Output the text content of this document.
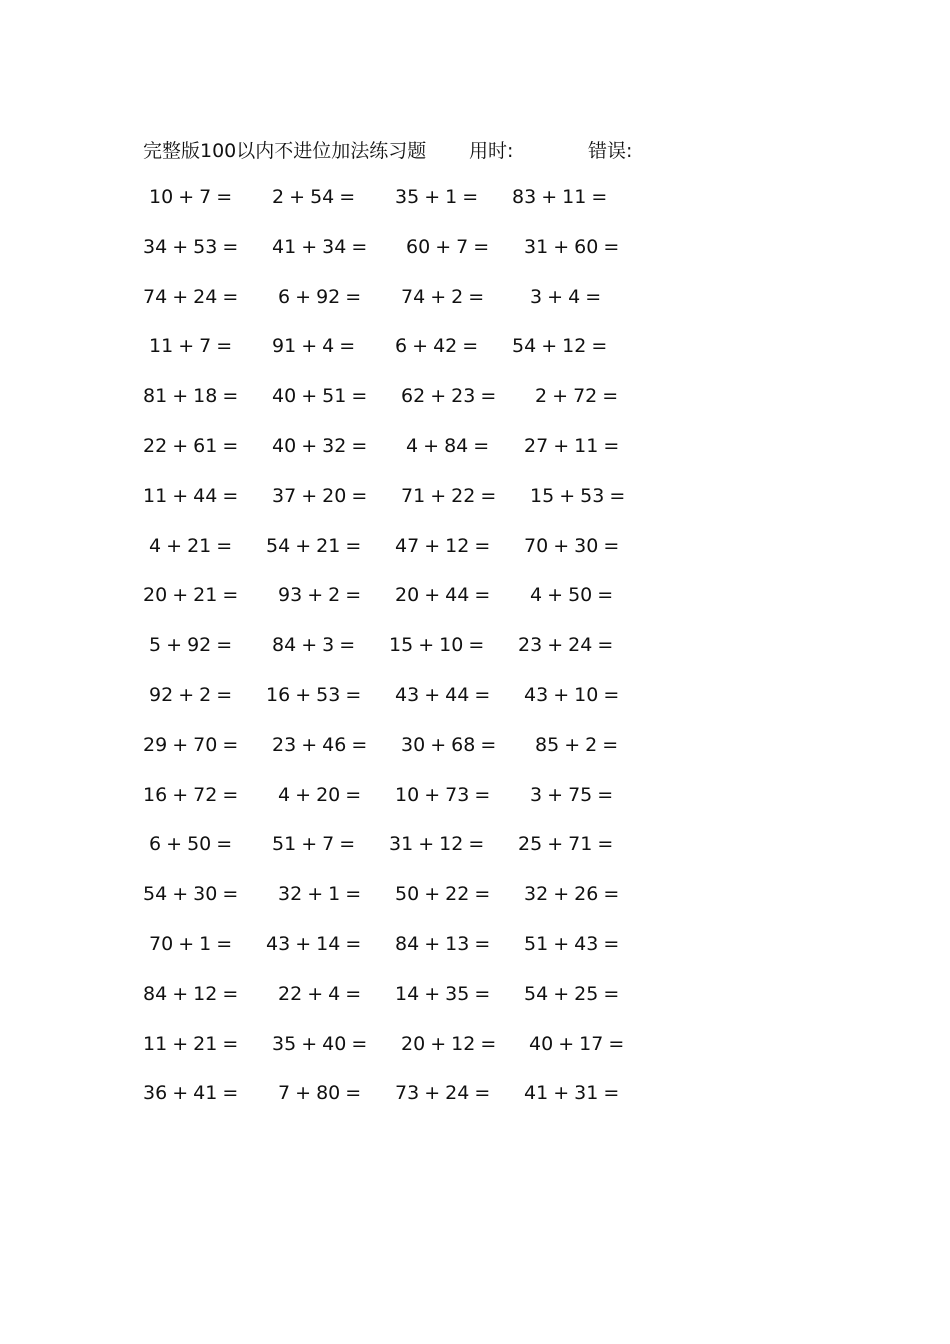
完整版100以内不进位加法练习题 用时:	错误:
10 + 7 = 2 + 54 = 35 + 1 = 83 + 11 =
34 + 53 = 41 + 34 = 60 + 7 = 31 + 60 =
74 + 24 = 6 + 92 = 74 + 2 = 3 + 4 =
11 + 7 = 91 + 4 = 6 + 42 = 54 + 12 =
81 + 18 = 40 + 51 = 62 + 23 = 2 + 72 =
22 + 61 = 40 + 32 = 4 + 84 = 27 + 11 =
11 + 44 = 37 + 20 = 71 + 22 = 15 + 53 =
4 + 21 = 54 + 21 = 47 + 12 = 70 + 30 =
20 + 21 = 93 + 2 = 20 + 44 = 4 + 50 =
5 + 92 = 84 + 3 = 15 + 10 = 23 + 24 =
92 + 2 = 16 + 53 = 43 + 44 = 43 + 10 =
29 + 70 = 23 + 46 = 30 + 68 = 85 + 2 =
16 + 72 = 4 + 20 = 10 + 73 = 3 + 75 =
6 + 50 = 51 + 7 = 31 + 12 = 25 + 71 =
54 + 30 = 32 + 1 = 50 + 22 = 32 + 26 =
70 + 1 = 43 + 14 = 84 + 13 = 51 + 43 =
84 + 12 = 22 + 4 = 14 + 35 = 54 + 25 =
11 + 21 = 35 + 40 = 20 + 12 = 40 + 17 =
36 + 41 = 7 + 80 = 73 + 24 = 41 + 31 =
